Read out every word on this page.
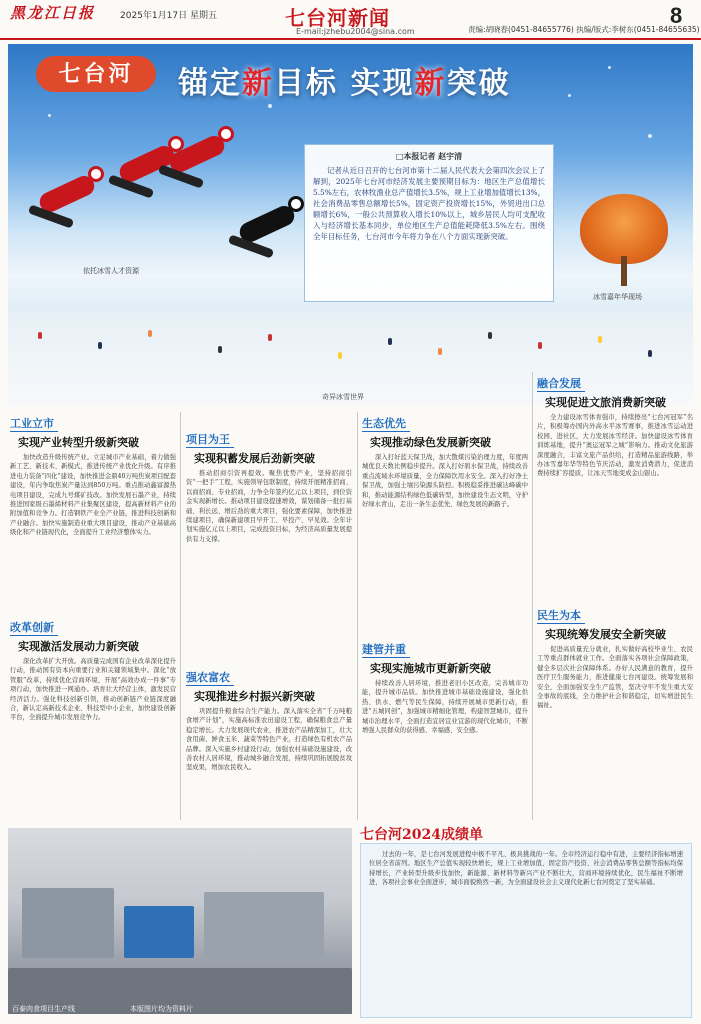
黑龙江日报	2025年1月17日 星期五	七台河新闻
E-mail:jzhebu2004@sina.com	责编:胡晓春(0451-84655776) 执编/版式:李树东(0451-84655635)
8
七台河	锚定新目标 实现新突破
依托冰雪人才资源
□本报记者 赵宇清
记者从近日召开的七台河市第十二届人民代表大会第四次会议上了解到，2025年七台河市经济发展主要预期目标为：地区生产总值增长5.5%左右，农林牧渔业总产值增长3.5%，规上工业增加值增长13%，社会消费品零售总额增长5%，固定资产投资增长15%，外贸进出口总额增长6%，一般公共预算收入增长10%以上，城乡居民人均可支配收入与经济增长基本同步，单位地区生产总值能耗降低3.5%左右。围绕全年目标任务，七台河市今年将力争在八个方面实现新突破。
冰雪嘉年华现场
奇异冰雪世界
工业立市
实现产业转型升级新突破
加快改造升级传统产业。立足城市产业基础，着力做强新工艺、新技术、新模式，推进传统产业优化升级。有序推进电力装备“四化”建设，加快推进金鼎40万吨焦炭项目配套建设，年内争取焦炭产量达到850万吨。重点推动鑫富源热电项目建设，完成九号煤矿技改。加快发展石墨产业，持续推进国家级石墨烯材料产业集聚区建设，提高新材料产业的附加值和竞争力。打造钢铁产业全产业链，推进科技创新和产业融合。加快实施制造业重大项目建设，推动产业基础高级化和产业链现代化，全面提升工业经济整体实力。
改革创新
实现激活发展动力新突破
深化改革扩大开放。高质量完成国有企业改革深化提升行动，推动国有资本向重要行业和关键领域集中。深化“放管服”改革，持续优化营商环境，开展“高效办成一件事”专项行动，加快推进一网通办。培育壮大经营主体，激发民营经济活力。强化科技创新引领，推动创新链产业链深度融合，新认定高新技术企业、科技型中小企业，加快建设创新平台，全面提升城市发展竞争力。
项目为王
实现积蓄发展后劲新突破
推动招商引资再提效。聚焦优势产业，坚持招商引资“一把手”工程，实施领导包联制度，持续开展精准招商、以商招商、专业招商，力争全年签约亿元以上项目，到位资金实现新增长。推动项目建设提速增效，谋划储备一批打基础、利长远、增后劲的重大项目，强化要素保障，加快推进续建项目，确保新建项目早开工、早投产、早见效。全年计划实施亿元以上项目，完成投资目标，为经济高质量发展提供有力支撑。
强农富农
实现推进乡村振兴新突破
巩固提升粮食综合生产能力。深入落实全省“千万吨粮食增产计划”，实施高标准农田建设工程，确保粮食总产量稳定增长。大力发展现代农业，推进农产品精深加工，壮大食用菌、鲜食玉米、蔬菜等特色产业，打造绿色有机农产品品牌。深入实施乡村建设行动，加强农村基础设施建设，改善农村人居环境，推动城乡融合发展，持续巩固拓展脱贫攻坚成果，增加农民收入。
生态优先
实现推动绿色发展新突破
深入打好蓝天保卫战，加大散煤污染治理力度，年度两城优良天数比例稳步提升。深入打好碧水保卫战，持续改善重点流域水环境质量，全力保障饮用水安全。深入打好净土保卫战，加强土壤污染源头防控。积极稳妥推进碳达峰碳中和，推动能源结构绿色低碳转型，加快建设生态文明，守护好绿水青山，走出一条生态优先、绿色发展的新路子。
建管并重
实现实施城市更新新突破
持续改善人居环境，推进老旧小区改造，完善城市功能，提升城市品质。加快推进城市基础设施建设，强化供热、供水、燃气等民生保障，持续开展城市更新行动，推进“五城同创”，加强城市精细化管理，构建智慧城市，提升城市治理水平，全面打造宜居宜业宜游的现代化城市，不断增强人民群众的获得感、幸福感、安全感。
融合发展
实现促进文旅消费新突破
全力建设冰雪体育强市，持续擦亮“七台河冠军”名片，积极筹办国内外高水平冰雪赛事，推进冰雪运动进校园、进社区，大力发展冰雪经济。加快建设冰雪体育训练基地，提升“奥运冠军之城”影响力。推动文化旅游深度融合，丰富文旅产品供给，打造精品旅游线路，举办冰雪嘉年华等特色节庆活动，激发消费潜力，促进消费持续扩容提质，让冰天雪地变成金山银山。
民生为本
实现统筹发展安全新突破
促进高质量充分就业，扎实做好高校毕业生、农民工等重点群体就业工作。全面落实各项社会保障政策，健全多层次社会保障体系。办好人民满意的教育，提升医疗卫生服务能力，推进健康七台河建设。统筹发展和安全，全面加强安全生产监管，坚决守牢不发生重大安全事故的底线，全力维护社会和谐稳定，切实增进民生福祉。
百泰肉食项目生产线	本版图片均为资料片
七台河2024成绩单
过去的一年，是七台河发展进程中极不平凡、极具挑战的一年。全市经济运行稳中有进，主要经济指标增速位居全省前列。地区生产总值实现较快增长，规上工业增加值、固定资产投资、社会消费品零售总额等指标均保持增长，产业转型升级步伐加快，新能源、新材料等新兴产业不断壮大，营商环境持续优化，民生福祉不断增进，各项社会事业全面进步，城市面貌焕然一新，为全面建设社会主义现代化新七台河奠定了坚实基础。
